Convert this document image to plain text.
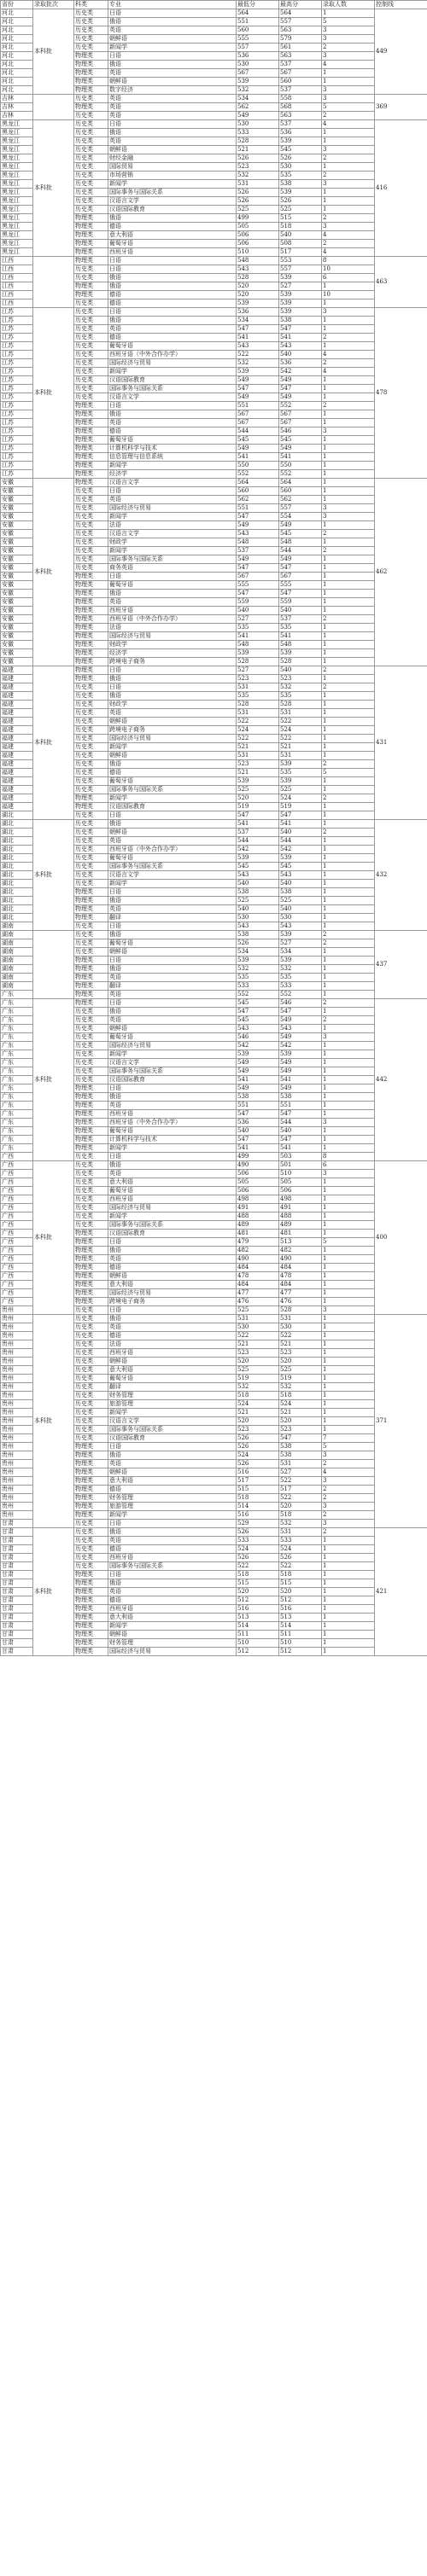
省份	录取批次	科类	专业	最低分	最高分	录取人数	控制线
河北	本科批	历史类	日语	564	564	1	449
河北		历史类	俄语	551	557	5	
河北		历史类	英语	560	563	3	
河北		历史类	朝鲜语	555	579	3	
河北		历史类	新闻学	557	561	2	
河北		物理类	日语	536	563	3	
河北		物理类	俄语	530	537	4	
河北		物理类	英语	567	567	1	
河北		物理类	朝鲜语	539	560	1	
河北		物理类	数字经济	532	537	3	
吉林		历史类	英语	534	558	3	369
吉林		物理类	英语	562	568	5	
吉林		历史类	英语	549	563	2	
黑龙江	本科批	历史类	日语	530	537	4	416
黑龙江		历史类	俄语	533	536	1	
黑龙江		历史类	英语	528	539	1	
黑龙江		历史类	朝鲜语	521	545	3	
黑龙江		历史类	财经金融	526	526	2	
黑龙江		历史类	国际贸易	523	530	1	
黑龙江		历史类	市场营销	532	535	2	
黑龙江		历史类	新闻学	531	538	3	
黑龙江		历史类	国际事务与国际关系	526	539	1	
黑龙江		历史类	汉语言文学	526	526	1	
黑龙江		历史类	汉语国际教育	525	525	1	
黑龙江		物理类	俄语	499	515	2	
黑龙江		物理类	德语	505	518	3	
黑龙江		物理类	意大利语	506	540	4	
黑龙江		物理类	葡萄牙语	506	508	2	
黑龙江		物理类	西班牙语	510	517	4	
江西		物理类	日语	548	553	8	463
江西		历史类	日语	543	557	10	
江西		历史类	俄语	528	539	6	
江西		物理类	俄语	520	527	1	
江西		物理类	德语	520	539	10	
江西		历史类	德语	539	539	1	
江苏	本科批	历史类	日语	536	539	3	478
江苏		历史类	俄语	534	538	1	
江苏		历史类	英语	547	547	1	
江苏		历史类	德语	541	541	2	
江苏		历史类	葡萄牙语	543	543	1	
江苏		历史类	西班牙语（中外合作办学）	522	540	4	
江苏		历史类	国际经济与贸易	532	536	2	
江苏		历史类	新闻学	539	542	4	
江苏		历史类	汉语国际教育	549	549	1	
江苏		历史类	国际事务与国际关系	547	547	1	
江苏		历史类	汉语言文学	549	549	1	
江苏		物理类	日语	551	552	2	
江苏		物理类	俄语	567	567	1	
江苏		物理类	英语	567	567	1	
江苏		物理类	德语	544	546	3	
江苏		物理类	葡萄牙语	545	545	1	
江苏		物理类	计算机科学与技术	549	549	1	
江苏		物理类	信息管理与信息系统	541	541	1	
江苏		物理类	新闻学	550	550	1	
江苏		物理类	经济学	552	552	1	
安徽	本科批	物理类	汉语言文学	564	564	1	462
安徽		历史类	日语	560	560	1	
安徽		历史类	英语	562	562	1	
安徽		历史类	国际经济与贸易	551	557	3	
安徽		历史类	新闻学	547	554	3	
安徽		历史类	法语	549	549	1	
安徽		历史类	汉语言文学	543	545	2	
安徽		历史类	财政学	548	548	1	
安徽		历史类	新闻学	537	544	2	
安徽		历史类	国际事务与国际关系	549	549	1	
安徽		历史类	商务英语	547	547	1	
安徽		物理类	日语	567	567	1	
安徽		物理类	葡萄牙语	555	555	1	
安徽		物理类	俄语	547	547	1	
安徽		物理类	英语	559	559	1	
安徽		物理类	西班牙语	540	540	1	
安徽		物理类	西班牙语（中外合作办学）	527	537	2	
安徽		物理类	法语	535	535	1	
安徽		物理类	国际经济与贸易	541	541	1	
安徽		物理类	财政学	548	548	1	
安徽		物理类	经济学	539	539	1	
安徽		物理类	跨境电子商务	528	528	1	
福建	本科批	物理类	日语	527	540	2	431
福建		物理类	俄语	523	523	1	
福建		历史类	日语	531	532	2	
福建		历史类	俄语	535	535	1	
福建		历史类	财政学	528	528	1	
福建		历史类	英语	531	531	1	
福建		历史类	朝鲜语	522	522	1	
福建		历史类	跨境电子商务	524	524	1	
福建		历史类	国际经济与贸易	522	522	1	
福建		历史类	新闻学	521	521	1	
福建		历史类	朝鲜语	531	531	1	
福建		历史类	俄语	523	539	2	
福建		历史类	德语	521	535	5	
福建		历史类	葡萄牙语	539	539	1	
福建		历史类	国际事务与国际关系	525	525	1	
福建		物理类	新闻学	520	524	2	
福建		物理类	汉语国际教育	519	519	1	
湖北		历史类	日语	547	547	1	
湖北	本科批	历史类	俄语	541	541	1	432
湖北		历史类	朝鲜语	537	540	2	
湖北		历史类	英语	544	544	1	
湖北		历史类	西班牙语（中外合作办学）	542	542	1	
湖北		历史类	葡萄牙语	539	539	1	
湖北		历史类	国际事务与国际关系	545	545	1	
湖北		历史类	汉语言文学	543	543	1	
湖北		历史类	新闻学	540	540	1	
湖北		物理类	日语	538	538	1	
湖北		物理类	俄语	525	525	1	
湖北		物理类	英语	540	540	1	
湖北		物理类	翻译	530	530	1	
湖南		历史类	日语	543	543	1	
湖南		历史类	俄语	538	539	2	437
湖南		历史类	葡萄牙语	526	527	2	
湖南		历史类	朝鲜语	534	534	1	
湖南		物理类	日语	539	539	1	
湖南		物理类	俄语	532	532	1	
湖南		物理类	英语	535	535	1	
湖南		物理类	翻译	533	533	1	
广东		物理类	英语	552	552	1	
广东	本科批	物理类	日语	545	546	2	442
广东		历史类	俄语	547	547	1	
广东		历史类	英语	545	549	2	
广东		历史类	朝鲜语	543	543	1	
广东		历史类	葡萄牙语	546	549	3	
广东		历史类	国际经济与贸易	542	542	1	
广东		历史类	新闻学	539	539	1	
广东		历史类	汉语言文学	549	549	1	
广东		历史类	国际事务与国际关系	549	549	1	
广东		历史类	汉语国际教育	541	541	1	
广东		物理类	日语	549	549	1	
广东		物理类	俄语	538	538	1	
广东		物理类	英语	551	551	1	
广东		物理类	西班牙语	547	547	1	
广东		物理类	西班牙语（中外合作办学）	536	544	3	
广东		物理类	葡萄牙语	540	540	1	
广东		物理类	计算机科学与技术	547	547	1	
广东		物理类	新闻学	541	541	1	
广西		历史类	日语	499	503	8	
广西	本科批	历史类	俄语	490	501	6	400
广西		历史类	英语	506	510	3	
广西		历史类	意大利语	505	505	1	
广西		历史类	葡萄牙语	506	506	1	
广西		历史类	西班牙语	498	498	1	
广西		历史类	国际经济与贸易	491	491	1	
广西		历史类	新闻学	488	488	1	
广西		历史类	国际事务与国际关系	489	489	1	
广西		物理类	汉语国际教育	481	481	1	
广西		物理类	日语	479	513	5	
广西		物理类	俄语	482	482	1	
广西		物理类	英语	490	490	1	
广西		物理类	德语	484	484	1	
广西		物理类	朝鲜语	478	478	1	
广西		物理类	意大利语	484	484	1	
广西		物理类	国际经济与贸易	477	477	1	
广西		物理类	跨境电子商务	476	476	1	
贵州		历史类	日语	525	528	3	
贵州	本科批	历史类	俄语	531	531	1	371
贵州		历史类	英语	530	530	1	
贵州		历史类	德语	522	522	1	
贵州		历史类	法语	521	521	1	
贵州		历史类	西班牙语	523	523	1	
贵州		历史类	朝鲜语	520	520	1	
贵州		历史类	意大利语	525	525	1	
贵州		历史类	葡萄牙语	519	519	1	
贵州		历史类	翻译	532	532	1	
贵州		历史类	财务管理	518	518	1	
贵州		历史类	旅游管理	524	524	1	
贵州		历史类	新闻学	521	521	1	
贵州		历史类	汉语言文学	520	520	1	
贵州		历史类	国际事务与国际关系	523	523	1	
贵州		历史类	汉语国际教育	526	547	7	
贵州		物理类	日语	526	538	5	
贵州		物理类	俄语	524	538	3	
贵州		物理类	英语	526	531	2	
贵州		物理类	朝鲜语	516	527	4	
贵州		物理类	意大利语	517	522	3	
贵州		物理类	德语	515	517	2	
贵州		物理类	财务管理	518	522	2	
贵州		物理类	旅游管理	514	520	3	
贵州		物理类	新闻学	516	518	2	
甘肃		历史类	日语	529	532	3	
甘肃	本科批	历史类	俄语	526	531	2	421
甘肃		历史类	英语	533	533	1	
甘肃		历史类	德语	524	524	1	
甘肃		历史类	西班牙语	526	526	1	
甘肃		历史类	国际事务与国际关系	522	522	1	
甘肃		物理类	日语	518	518	1	
甘肃		物理类	俄语	515	515	1	
甘肃		物理类	英语	520	520	1	
甘肃		物理类	德语	512	512	1	
甘肃		物理类	西班牙语	516	516	1	
甘肃		物理类	意大利语	513	513	1	
甘肃		物理类	新闻学	514	514	1	
甘肃		物理类	朝鲜语	511	511	1	
甘肃		物理类	财务管理	510	510	1	
甘肃		物理类	国际经济与贸易	512	512	1	
